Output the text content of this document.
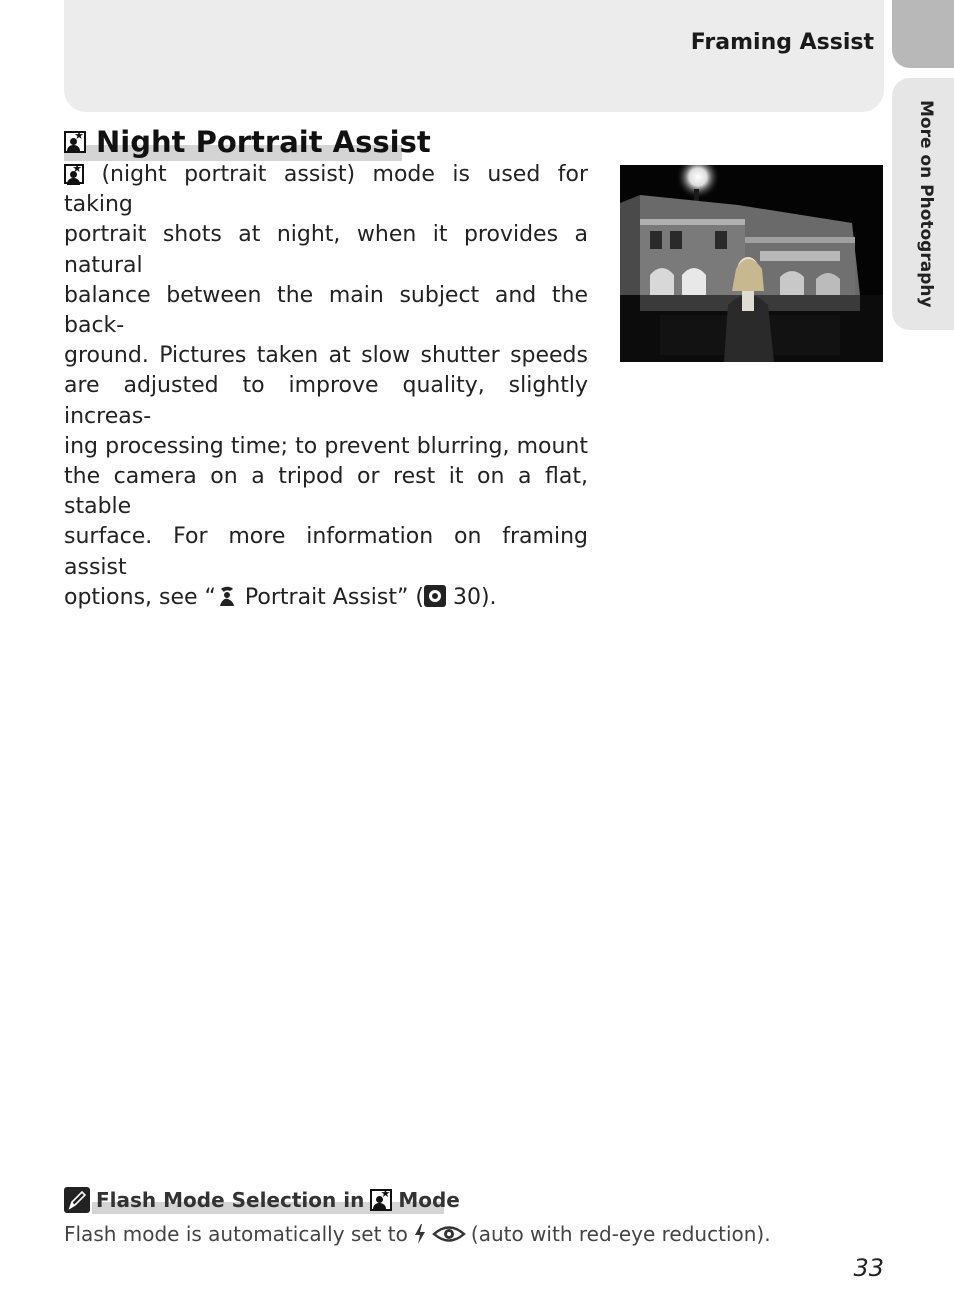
Framing Assist
More on Photography
★ Night Portrait Assist
★ (night portrait assist) mode is used for taking
portrait shots at night, when it provides a natural
balance between the main subject and the back-
ground. Pictures taken at slow shutter speeds
are adjusted to improve quality, slightly increas-
ing processing time; to prevent blurring, mount
the camera on a tripod or rest it on a flat, stable
surface. For more information on framing assist
options, see “ Portrait Assist” ( 30).
Flash Mode Selection in ★ Mode
Flash mode is automatically set to	(auto with red-eye reduction).
33
